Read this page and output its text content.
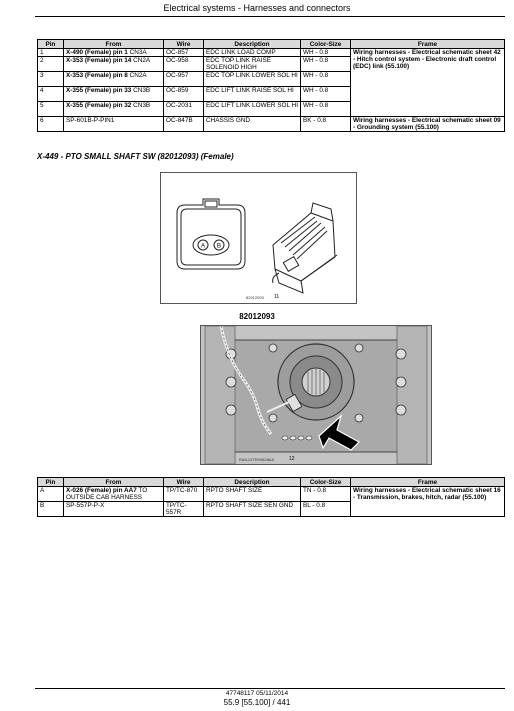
Electrical systems - Harnesses and connectors
Pin	From	Wire	Description	Color-Size	Frame
1	X-490 (Female) pin 1 CN3A	OC-857	EDC LINK LOAD COMP	WH - 0.8	Wiring harnesses - Electrical schematic sheet 42 - Hitch control system - Electronic draft control (EDC) link (55.100)
2	X-353 (Female) pin 14 CN2A	OC-958	EDC TOP LINK RAISE SOLENOID HIGH	WH - 0.8	
3	X-353 (Female) pin 8 CN2A	OC-957	EDC TOP LINK LOWER SOL HI	WH - 0.8	
4	X-355 (Female) pin 33 CN3B	OC-859	EDC LIFT LINK RAISE SOL HI	WH - 0.8	
5	X-355 (Female) pin 32 CN3B	OC-2031	EDC LIFT LINK LOWER SOL HI	WH - 0.8	
6	SP-601B-P-PIN1	OC-847B	CHASSIS GND	BK - 0.8	Wiring harnesses - Electrical schematic sheet 09 - Grounding system (55.100)
X-449 - PTO SMALL SHAFT SW (82012093) (Female)
A B
82012093 11
82012093
RAIL12TR00628AA	12
Pin	From	Wire	Description	Color-Size	Frame
A	X-026 (Female) pin AA7 TO OUTSIDE CAB HARNESS	TP/TC-870	RPTO SHAFT SIZE	TN - 0.8	Wiring harnesses - Electrical schematic sheet 16 - Transmission, brakes, hitch, radar (55.100)
B	SP-557P-P-X	TP/TC-557R	RPTO SHAFT SIZE SEN GND	BL - 0.8	
47748117 05/11/2014
55.9 [55.100] / 441
